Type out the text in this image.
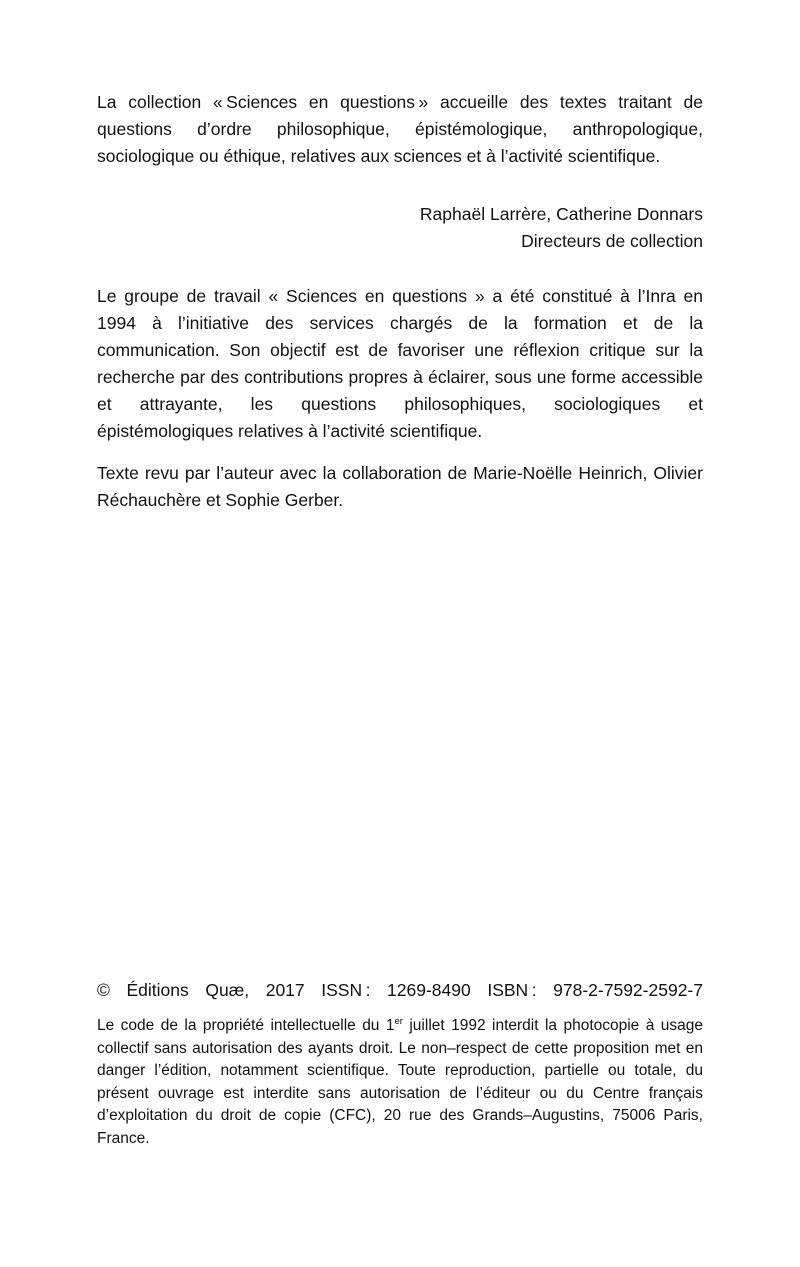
La collection « Sciences en questions » accueille des textes traitant de questions d’ordre philosophique, épistémologique, anthropologique, sociologique ou éthique, relatives aux sciences et à l’activité scientifique.
Raphaël Larrère, Catherine Donnars
Directeurs de collection
Le groupe de travail « Sciences en questions » a été constitué à l’Inra en 1994 à l’initiative des services chargés de la formation et de la communication. Son objectif est de favoriser une réflexion critique sur la recherche par des contributions propres à éclairer, sous une forme accessible et attrayante, les questions philosophiques, sociologiques et épistémologiques relatives à l’activité scientifique.
Texte revu par l’auteur avec la collaboration de Marie-Noëlle Heinrich, Olivier Réchauchère et Sophie Gerber.
© Éditions Quæ, 2017 ISSN : 1269-8490 ISBN : 978-2-7592-2592-7
Le code de la propriété intellectuelle du 1er juillet 1992 interdit la photocopie à usage collectif sans autorisation des ayants droit. Le non–respect de cette proposition met en danger l’édition, notamment scientifique. Toute reproduction, partielle ou totale, du présent ouvrage est interdite sans autorisation de l’éditeur ou du Centre français d’exploitation du droit de copie (CFC), 20 rue des Grands–Augustins, 75006 Paris, France.
